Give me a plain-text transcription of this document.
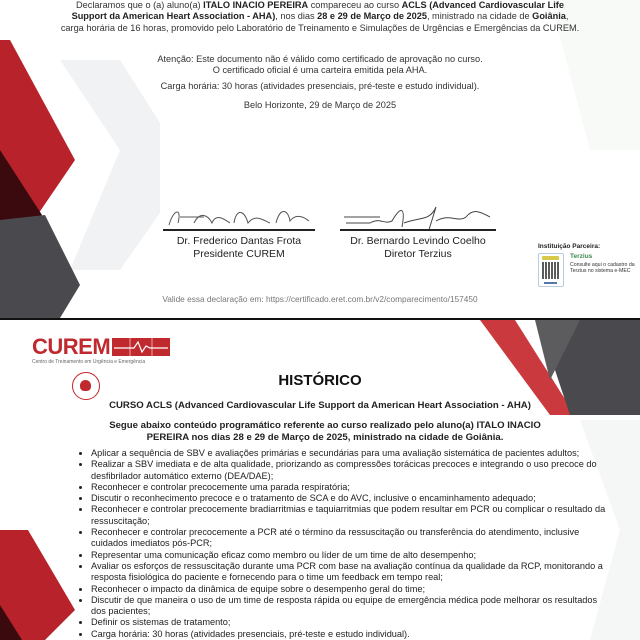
Declaramos que o (a) aluno(a) ITALO INACIO PEREIRA compareceu ao curso ACLS (Advanced Cardiovascular Life Support da American Heart Association - AHA), nos dias 28 e 29 de Março de 2025, ministrado na cidade de Goiânia, carga horária de 16 horas, promovido pelo Laboratório de Treinamento e Simulações de Urgências e Emergências da CUREM.
Atenção: Este documento não é válido como certificado de aprovação no curso.
O certificado oficial é uma carteira emitida pela AHA.
Carga horária: 30 horas (atividades presenciais, pré-teste e estudo individual).
Belo Horizonte, 29 de Março de 2025
Dr. Frederico Dantas Frota
Presidente CUREM
Dr. Bernardo Levindo Coelho
Diretor Terzius
Instituição Parceira:
Terzius
Consulte aqui o cadastro da Terzius no sistema e-MEC
Valide essa declaração em: https://certificado.eret.com.br/v2/comparecimento/157450
CUREM
Centro de Treinamento em Urgência e Emergência
HISTÓRICO
CURSO ACLS (Advanced Cardiovascular Life Support da American Heart Association - AHA)
Segue abaixo conteúdo programático referente ao curso realizado pelo aluno(a) ITALO INACIO PEREIRA nos dias 28 e 29 de Março de 2025, ministrado na cidade de Goiânia.
• Aplicar a sequência de SBV e avaliações primárias e secundárias para uma avaliação sistemática de pacientes adultos;
• Realizar a SBV imediata e de alta qualidade, priorizando as compressões torácicas precoces e integrando o uso precoce do desfibrilador automático externo (DEA/DAE);
• Reconhecer e controlar precocemente uma parada respiratória;
• Discutir o reconhecimento precoce e o tratamento de SCA e do AVC, inclusive o encaminhamento adequado;
• Reconhecer e controlar precocemente bradiarritmias e taquiarritmias que podem resultar em PCR ou complicar o resultado da ressuscitação;
• Reconhecer e controlar precocemente a PCR até o término da ressuscitação ou transferência do atendimento, inclusive cuidados imediatos pós-PCR;
• Representar uma comunicação eficaz como membro ou líder de um time de alto desempenho;
• Avaliar os esforços de ressuscitação durante uma PCR com base na avaliação contínua da qualidade da RCP, monitorando a resposta fisiológica do paciente e fornecendo para o time um feedback em tempo real;
• Reconhecer o impacto da dinâmica de equipe sobre o desempenho geral do time;
• Discutir de que maneira o uso de um time de resposta rápida ou equipe de emergência médica pode melhorar os resultados dos pacientes;
• Definir os sistemas de tratamento;
• Carga horária: 30 horas (atividades presenciais, pré-teste e estudo individual).
